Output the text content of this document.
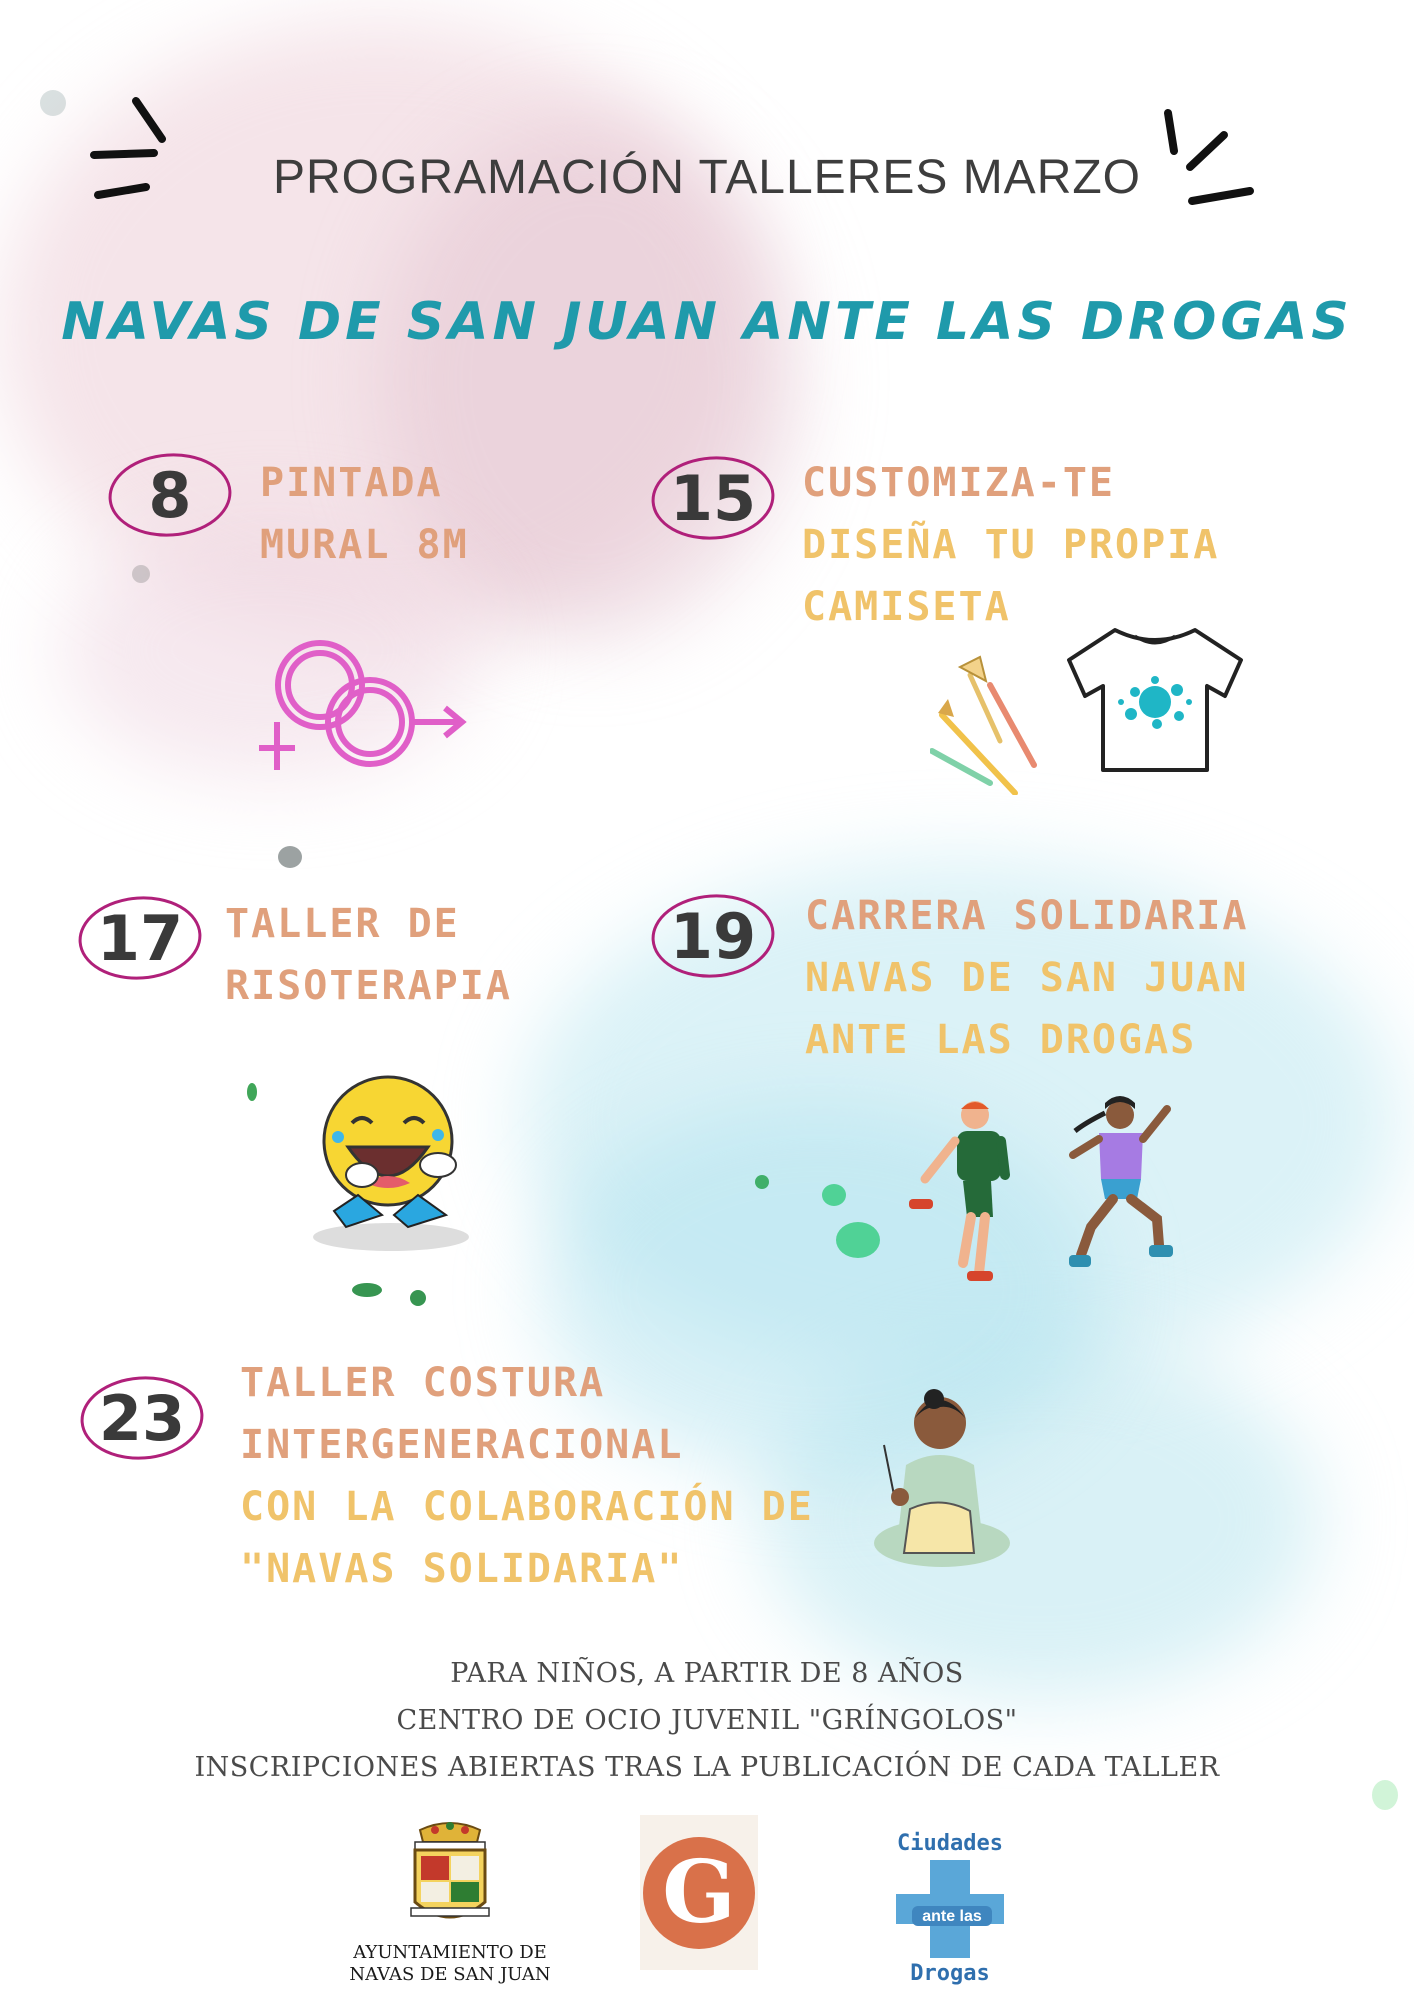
PROGRAMACIÓN TALLERES MARZO
NAVAS DE SAN JUAN ANTE LAS DROGAS
8	PINTADA
MURAL 8M
15	CUSTOMIZA-TE
DISEÑA TU PROPIA
CAMISETA
17	TALLER DE
RISOTERAPIA
19	CARRERA SOLIDARIA
NAVAS DE SAN JUAN
ANTE LAS DROGAS
23	TALLER COSTURA
INTERGENERACIONAL
CON LA COLABORACIÓN DE
"NAVAS SOLIDARIA"
PARA NIÑOS, A PARTIR DE 8 AÑOS
CENTRO DE OCIO JUVENIL "GRÍNGOLOS"
INSCRIPCIONES ABIERTAS TRAS LA PUBLICACIÓN DE CADA TALLER
AYUNTAMIENTO DE
NAVAS DE SAN JUAN
G	ante las
Ciudades
Drogas
